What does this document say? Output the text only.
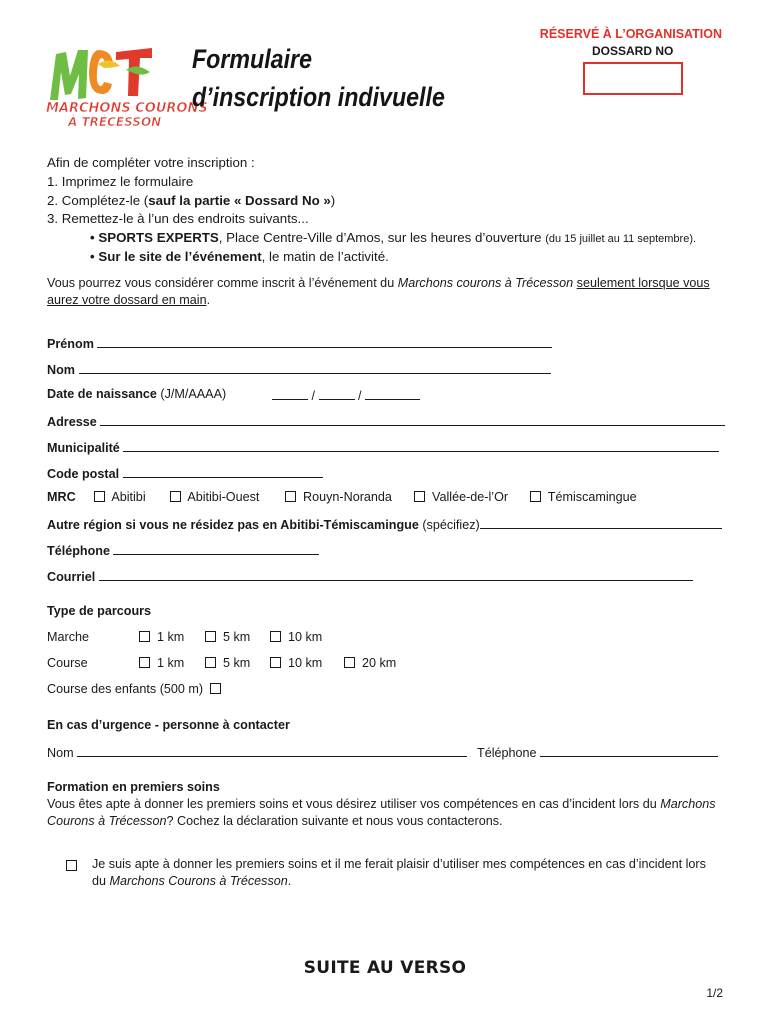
MARCHONS COURONS
À TRÉCESSON
Formulaire
d’inscription indivuelle
RÉSERVÉ À L’ORGANISATION
DOSSARD NO
Afin de compléter votre inscription :
1. Imprimez le formulaire
2. Complétez-le (sauf la partie « Dossard No »)
3. Remettez-le à l’un des endroits suivants...
• SPORTS EXPERTS, Place Centre-Ville d’Amos, sur les heures d’ouverture (du 15 juillet au 11 septembre).
• Sur le site de l’événement, le matin de l’activité.
Vous pourrez vous considérer comme inscrit à l’événement du Marchons courons à Trécesson seulement lorsque vous
aurez votre dossard en main.
Prénom
Nom
Date de naissance (J/M/AAAA)	/	/
Adresse
Municipalité
Code postal
MRC	Abitibi	Abitibi-Ouest	Rouyn-Noranda	Vallée-de-l’Or	Témiscamingue
Autre région si vous ne résidez pas en Abitibi-Témiscamingue (spécifiez)
Téléphone
Courriel
Type de parcours
Marche	1 km	5 km	10 km
Course	1 km	5 km	10 km	20 km
Course des enfants (500 m)
En cas d’urgence - personne à contacter
Nom	Téléphone
Formation en premiers soins
Vous êtes apte à donner les premiers soins et vous désirez utiliser vos compétences en cas d’incident lors du Marchons
Courons à Trécesson? Cochez la déclaration suivante et nous vous contacterons.
Je suis apte à donner les premiers soins et il me ferait plaisir d’utiliser mes compétences en cas d’incident lors
du Marchons Courons à Trécesson.
SUITE AU VERSO
1/2
